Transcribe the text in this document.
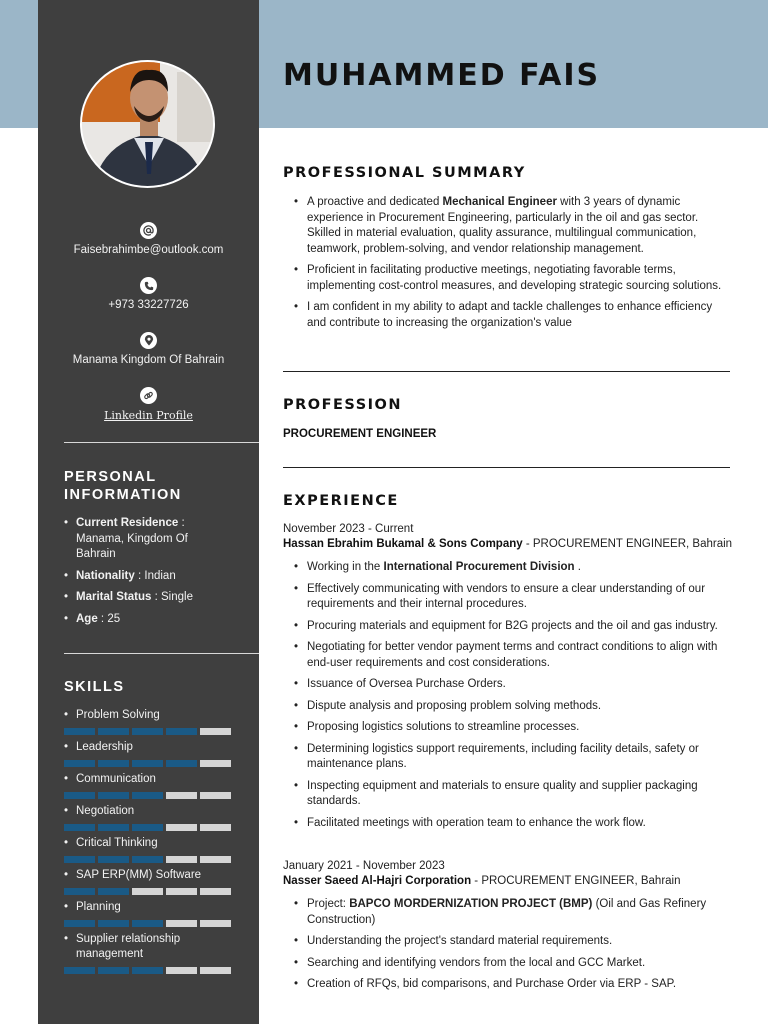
Faisebrahimbe@outlook.com
+973 33227726
Manama Kingdom Of Bahrain
Linkedin Profile
PERSONAL INFORMATION
• Current Residence : Manama, Kingdom Of Bahrain
• Nationality : Indian
• Marital Status : Single
• Age : 25
SKILLS
• Problem Solving
• Leadership
• Communication
• Negotiation
• Critical Thinking
• SAP ERP(MM) Software
• Planning
• Supplier relationship management
MUHAMMED FAIS
PROFESSIONAL SUMMARY
• A proactive and dedicated Mechanical Engineer with 3 years of dynamic experience in Procurement Engineering, particularly in the oil and gas sector. Skilled in material evaluation, quality assurance, multilingual communication, teamwork, problem-solving, and vendor relationship management.
• Proficient in facilitating productive meetings, negotiating favorable terms, implementing cost-control measures, and developing strategic sourcing solutions.
• I am confident in my ability to adapt and tackle challenges to enhance efficiency and contribute to increasing the organization's value
PROFESSION
PROCUREMENT ENGINEER
EXPERIENCE
November 2023 - Current
Hassan Ebrahim Bukamal & Sons Company - PROCUREMENT ENGINEER, Bahrain
• Working in the International Procurement Division .
• Effectively communicating with vendors to ensure a clear understanding of our requirements and their internal procedures.
• Procuring materials and equipment for B2G projects and the oil and gas industry.
• Negotiating for better vendor payment terms and contract conditions to align with end-user requirements and cost considerations.
• Issuance of Oversea Purchase Orders.
• Dispute analysis and proposing problem solving methods.
• Proposing logistics solutions to streamline processes.
• Determining logistics support requirements, including facility details, safety or maintenance plans.
• Inspecting equipment and materials to ensure quality and supplier packaging standards.
• Facilitated meetings with operation team to enhance the work flow.
January 2021 - November 2023
Nasser Saeed Al-Hajri Corporation - PROCUREMENT ENGINEER, Bahrain
• Project: BAPCO MORDERNIZATION PROJECT (BMP) (Oil and Gas Refinery Construction)
• Understanding the project's standard material requirements.
• Searching and identifying vendors from the local and GCC Market.
• Creation of RFQs, bid comparisons, and Purchase Order via ERP - SAP.
